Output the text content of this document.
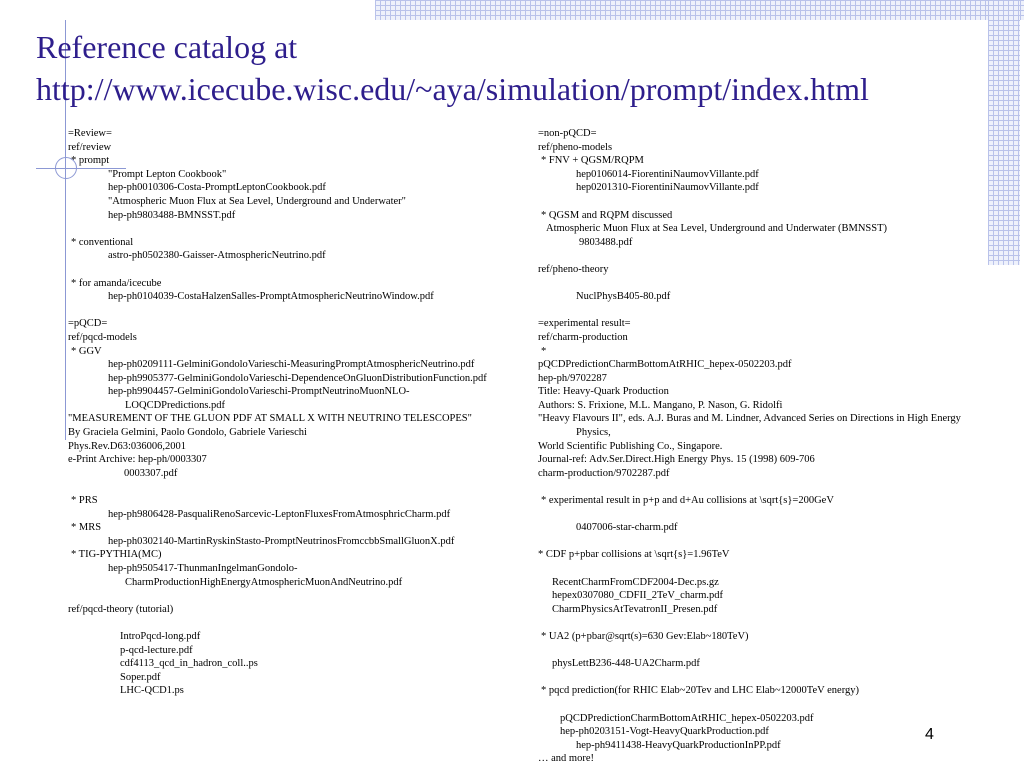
Reference catalog at
http://www.icecube.wisc.edu/~aya/simulation/prompt/index.html
=Review=
ref/review
* prompt
"Prompt Lepton Cookbook"
hep-ph0010306-Costa-PromptLeptonCookbook.pdf
"Atmospheric Muon Flux at Sea Level, Underground and Underwater"
hep-ph9803488-BMNSST.pdf
* conventional
astro-ph0502380-Gaisser-AtmosphericNeutrino.pdf
* for amanda/icecube
hep-ph0104039-CostaHalzenSalles-PromptAtmosphericNeutrinoWindow.pdf
=pQCD=
ref/pqcd-models
* GGV
hep-ph0209111-GelminiGondoloVarieschi-MeasuringPromptAtmosphericNeutrino.pdf
hep-ph9905377-GelminiGondoloVarieschi-DependenceOnGluonDistributionFunction.pdf
hep-ph9904457-GelminiGondoloVarieschi-PromptNeutrinoMuonNLO-LOQCDPredictions.pdf
"MEASUREMENT OF THE GLUON PDF AT SMALL X WITH NEUTRINO TELESCOPES"
By Graciela Gelmini, Paolo Gondolo, Gabriele Varieschi
Phys.Rev.D63:036006,2001
e-Print Archive: hep-ph/0003307
0003307.pdf
* PRS
hep-ph9806428-PasqualiRenoSarcevic-LeptonFluxesFromAtmosphricCharm.pdf
* MRS
hep-ph0302140-MartinRyskinStasto-PromptNeutrinosFromccbbSmallGluonX.pdf
* TIG-PYTHIA(MC)
hep-ph9505417-ThunmanIngelmanGondolo-CharmProductionHighEnergyAtmosphericMuonAndNeutrino.pdf
ref/pqcd-theory (tutorial)
IntroPqcd-long.pdf
p-qcd-lecture.pdf
cdf4113_qcd_in_hadron_coll..ps
Soper.pdf
LHC-QCD1.ps
=non-pQCD=
ref/pheno-models
* FNV + QGSM/RQPM
hep0106014-FiorentiniNaumovVillante.pdf
hep0201310-FiorentiniNaumovVillante.pdf
* QGSM and RQPM discussed
Atmospheric Muon Flux at Sea Level, Underground and Underwater (BMNSST)
9803488.pdf
ref/pheno-theory
NuclPhysB405-80.pdf
=experimental result=
ref/charm-production
*
pQCDPredictionCharmBottomAtRHIC_hepex-0502203.pdf
hep-ph/9702287
Title: Heavy-Quark Production
Authors: S. Frixione, M.L. Mangano, P. Nason, G. Ridolfi
"Heavy Flavours II", eds. A.J. Buras and M. Lindner, Advanced Series on Directions in High Energy Physics,
World Scientific Publishing Co., Singapore.
Journal-ref: Adv.Ser.Direct.High Energy Phys. 15 (1998) 609-706
charm-production/9702287.pdf
* experimental result in p+p and d+Au collisions at \sqrt{s}=200GeV
0407006-star-charm.pdf
* CDF p+pbar collisions at \sqrt{s}=1.96TeV
RecentCharmFromCDF2004-Dec.ps.gz
hepex0307080_CDFII_2TeV_charm.pdf
CharmPhysicsAtTevatronII_Presen.pdf
* UA2 (p+pbar@sqrt(s)=630 Gev:Elab~180TeV)
physLettB236-448-UA2Charm.pdf
* pqcd prediction(for RHIC Elab~20Tev and LHC Elab~12000TeV energy)
pQCDPredictionCharmBottomAtRHIC_hepex-0502203.pdf
hep-ph0203151-Vogt-HeavyQuarkProduction.pdf
hep-ph9411438-HeavyQuarkProductionInPP.pdf
… and more!
4
